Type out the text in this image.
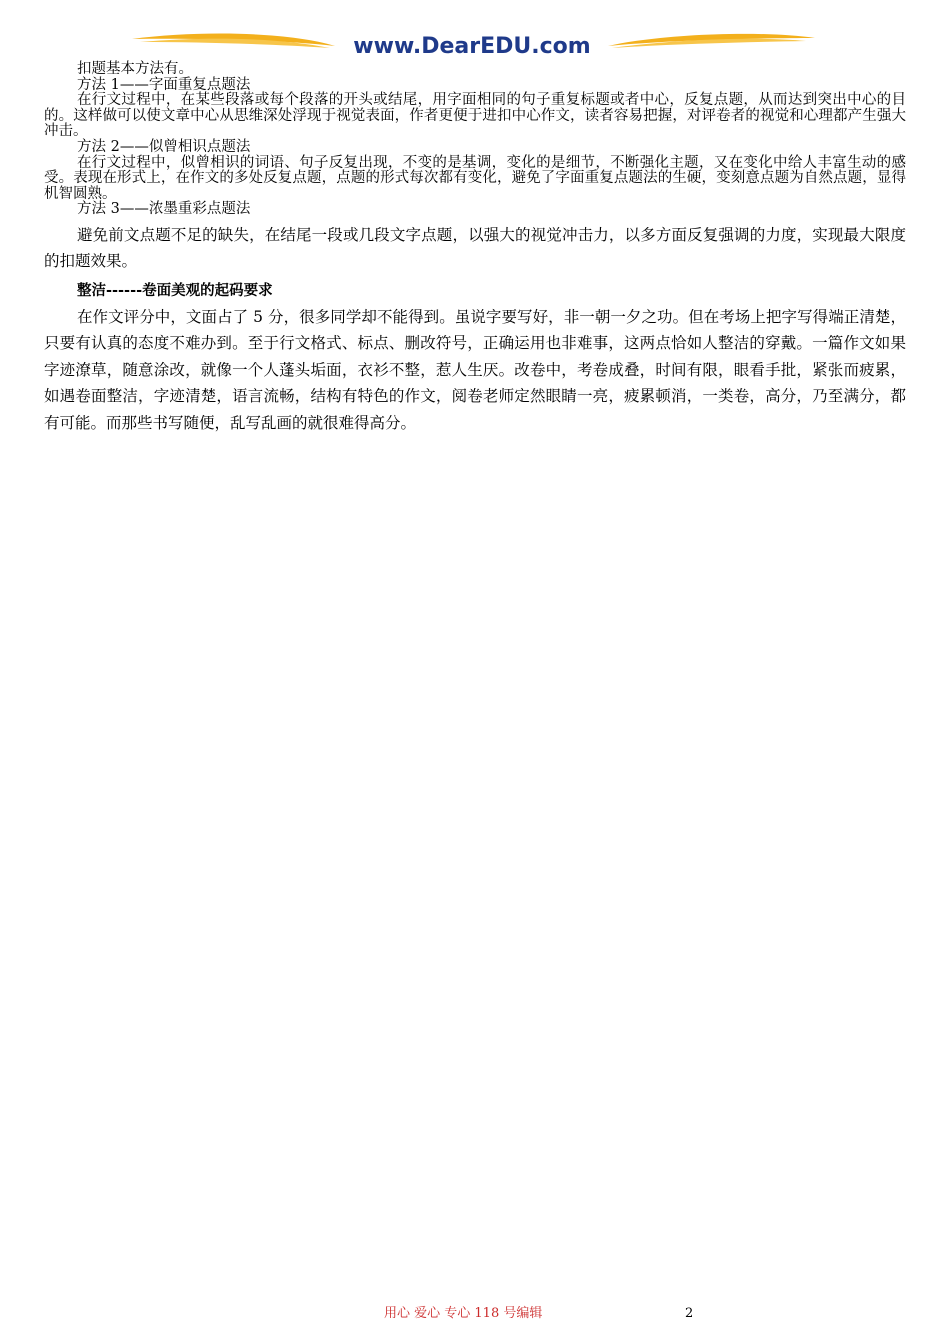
www.DearEDU.com

扣题基本方法有。

方法 1——字面重复点题法

在行文过程中，在某些段落或每个段落的开头或结尾，用字面相同的句子重复标题或者中心，反复点题，从而达到突出中心的目的。这样做可以使文章中心从思维深处浮现于视觉表面，作者更便于进扣中心作文，读者容易把握，对评卷者的视觉和心理都产生强大冲击。

方法 2——似曾相识点题法

在行文过程中，似曾相识的词语、句子反复出现，不变的是基调，变化的是细节，不断强化主题，又在变化中给人丰富生动的感受。表现在形式上，在作文的多处反复点题，点题的形式每次都有变化，避免了字面重复点题法的生硬，变刻意点题为自然点题，显得机智圆熟。

方法 3——浓墨重彩点题法

避免前文点题不足的缺失，在结尾一段或几段文字点题，以强大的视觉冲击力，以多方面反复强调的力度，实现最大限度的扣题效果。

整洁------卷面美观的起码要求

在作文评分中，文面占了 5 分，很多同学却不能得到。虽说字要写好，非一朝一夕之功。但在考场上把字写得端正清楚，只要有认真的态度不难办到。至于行文格式、标点、删改符号，正确运用也非难事，这两点恰如人整洁的穿戴。一篇作文如果字迹潦草，随意涂改，就像一个人蓬头垢面，衣衫不整，惹人生厌。改卷中，考卷成叠，时间有限，眼看手批，紧张而疲累，如遇卷面整洁，字迹清楚，语言流畅，结构有特色的作文，阅卷老师定然眼睛一亮，疲累顿消，一类卷，高分，乃至满分，都有可能。而那些书写随便，乱写乱画的就很难得高分。

用心 爱心 专心 118 号编辑	2
